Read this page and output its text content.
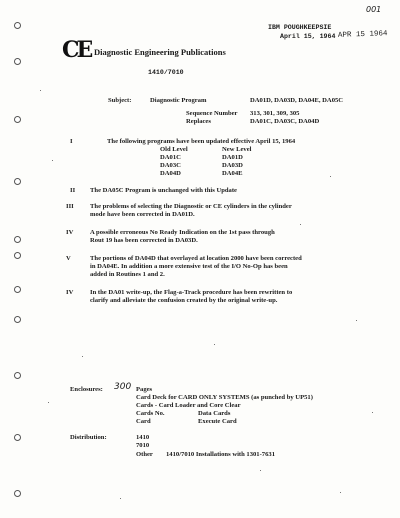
001
IBM POUGHKEEPSIE
April 15, 1964 APR 15 1964
CE Diagnostic Engineering Publications
1410/7010
Subject:	Diagnostic Program	DA01D, DA03D, DA04E, DA05C
Sequence Number 313, 301, 309, 305
Replaces	DA01C, DA03C, DA04D
I	The following programs have been updated effective April 15, 1964
Old Level	New Level
DA01C	DA01D
DA03C	DA03D
DA04D	DA04E
II The DA05C Program is unchanged with this Update
III The problems of selecting the Diagnostic or CE cylinders in the cylinder
mode have been corrected in DA01D.
IV	A possible erroneous No Ready Indication on the 1st pass through
Rout 19 has been corrected in DA03D.
V	The portions of DA04D that overlayed at location 2000 have been corrected
in DA04E. In addition a more extensive test of the I/O No-Op has been
added in Routines 1 and 2.
IV	In the DA01 write-up, the Flag-a-Track procedure has been rewritten to
clarify and alleviate the confusion created by the original write-up.
Enclosures: 300 Pages
Card Deck for CARD ONLY SYSTEMS (as punched by UP51)
Cards - Card Loader and Core Clear
Cards No.	Data Cards
Card	Execute Card
Distribution:	1410
7010
Other 1410/7010 Installations with 1301-7631
